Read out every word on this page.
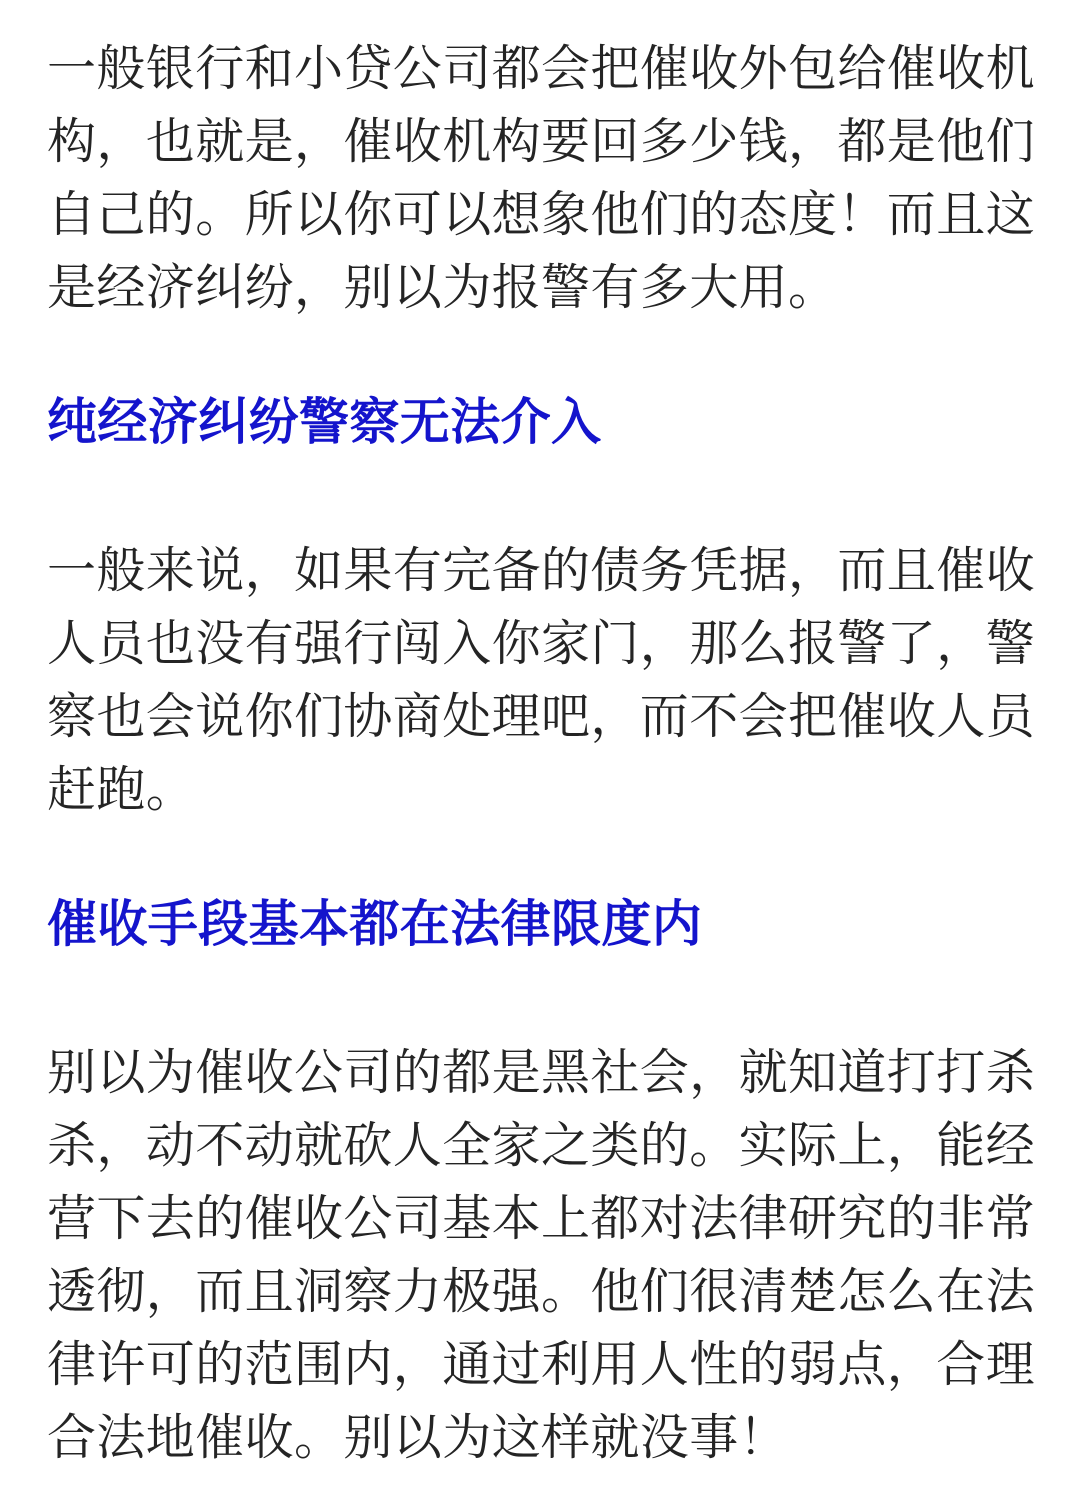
一般银行和小贷公司都会把催收外包给催收机构，也就是，催收机构要回多少钱，都是他们自己的。所以你可以想象他们的态度！而且这是经济纠纷，别以为报警有多大用。

纯经济纠纷警察无法介入

一般来说，如果有完备的债务凭据，而且催收人员也没有强行闯入你家门，那么报警了，警察也会说你们协商处理吧，而不会把催收人员赶跑。

催收手段基本都在法律限度内

别以为催收公司的都是黑社会，就知道打打杀杀，动不动就砍人全家之类的。实际上，能经营下去的催收公司基本上都对法律研究的非常透彻，而且洞察力极强。他们很清楚怎么在法律许可的范围内，通过利用人性的弱点，合理合法地催收。别以为这样就没事！
